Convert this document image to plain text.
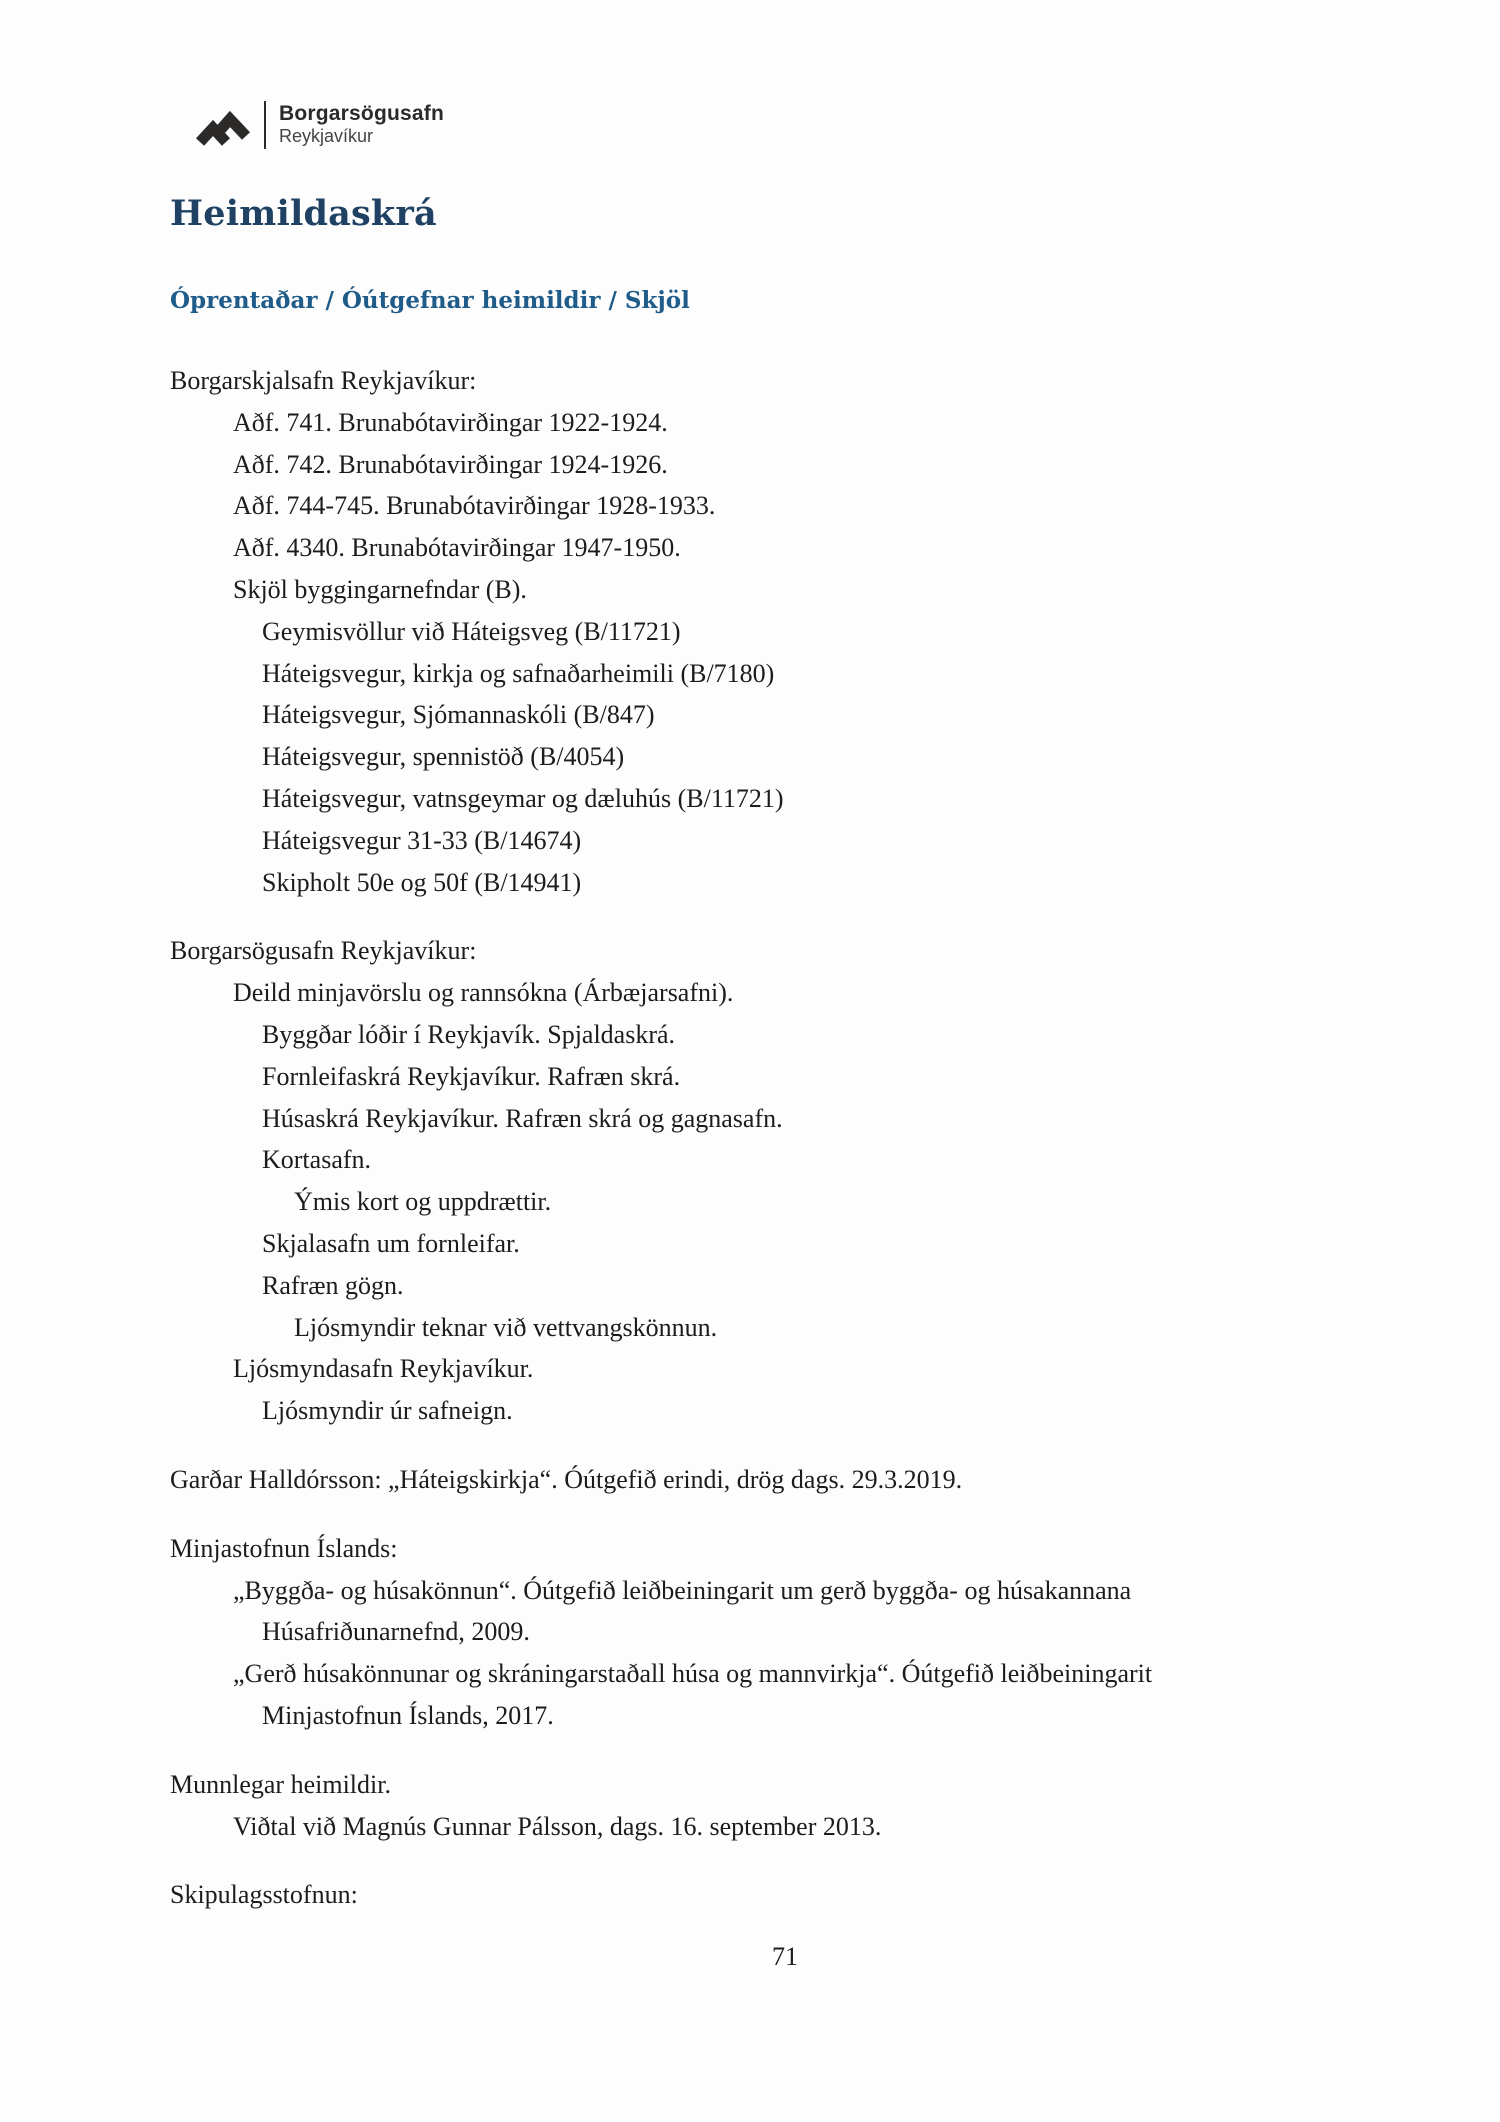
Borgarsögusafn
Reykjavíkur
Heimildaskrá
Óprentaðar / Óútgefnar heimildir / Skjöl

Borgarskjalsafn Reykjavíkur:

Aðf. 741. Brunabótavirðingar 1922-1924.

Aðf. 742. Brunabótavirðingar 1924-1926.

Aðf. 744-745. Brunabótavirðingar 1928-1933.

Aðf. 4340. Brunabótavirðingar 1947-1950.

Skjöl byggingarnefndar (B).

Geymisvöllur við Háteigsveg (B/11721)

Háteigsvegur, kirkja og safnaðarheimili (B/7180)

Háteigsvegur, Sjómannaskóli (B/847)

Háteigsvegur, spennistöð (B/4054)

Háteigsvegur, vatnsgeymar og dæluhús (B/11721)

Háteigsvegur 31-33 (B/14674)

Skipholt 50e og 50f (B/14941)

Borgarsögusafn Reykjavíkur:

Deild minjavörslu og rannsókna (Árbæjarsafni).

Byggðar lóðir í Reykjavík. Spjaldaskrá.

Fornleifaskrá Reykjavíkur. Rafræn skrá.

Húsaskrá Reykjavíkur. Rafræn skrá og gagnasafn.

Kortasafn.

Ýmis kort og uppdrættir.

Skjalasafn um fornleifar.

Rafræn gögn.

Ljósmyndir teknar við vettvangskönnun.

Ljósmyndasafn Reykjavíkur.

Ljósmyndir úr safneign.

Garðar Halldórsson: „Háteigskirkja“. Óútgefið erindi, drög dags. 29.3.2019.

Minjastofnun Íslands:

„Byggða- og húsakönnun“. Óútgefið leiðbeiningarit um gerð byggða- og húsakannana

Húsafriðunarnefnd, 2009.

„Gerð húsakönnunar og skráningarstaðall húsa og mannvirkja“. Óútgefið leiðbeiningarit

Minjastofnun Íslands, 2017.

Munnlegar heimildir.

Viðtal við Magnús Gunnar Pálsson, dags. 16. september 2013.

Skipulagsstofnun:

71
